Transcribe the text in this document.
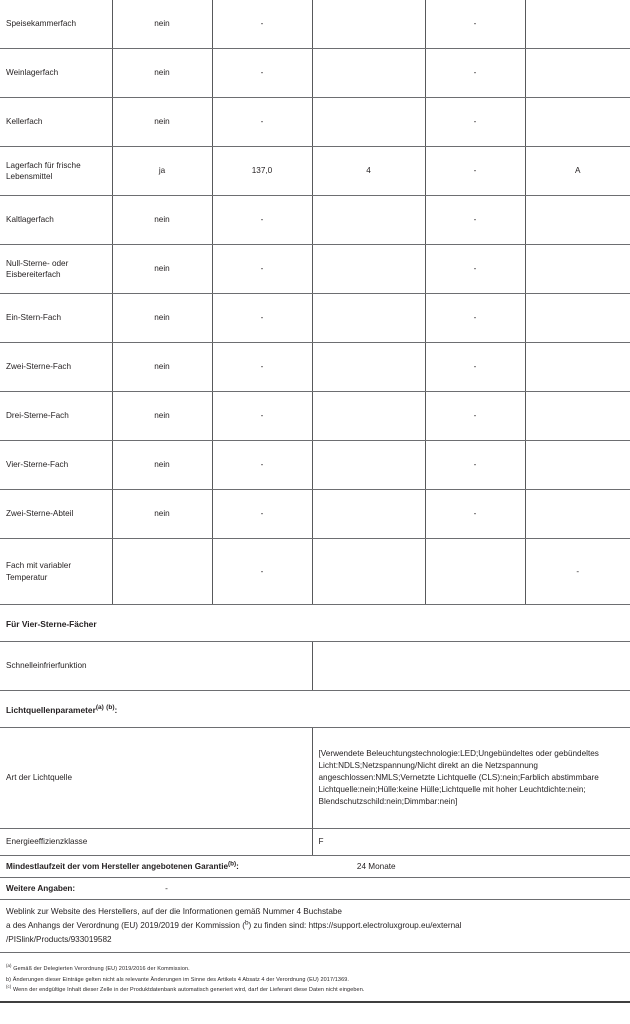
Speisekammerfach	nein	-		-	
Weinlagerfach	nein	-		-	
Kellerfach	nein	-		-	
Lagerfach für frische Lebensmittel	ja	137,0	4	-	A
Kaltlagerfach	nein	-		-	
Null-Sterne- oder Eisbereiterfach	nein	-		-	
Ein-Stern-Fach	nein	-		-	
Zwei-Sterne-Fach	nein	-		-	
Drei-Sterne-Fach	nein	-		-	
Vier-Sterne-Fach	nein	-		-	
Zwei-Sterne-Abteil	nein	-		-	
Fach mit variabler Temperatur		-			-
Für Vier-Sterne-Fächer
Schnelleinfrierfunktion	
Lichtquellenparameter$^{(a)}$ $^{(b)}$:
Art der Lichtquelle	[Verwendete Beleuchtungstechnologie:LED;Ungebündeltes oder gebündeltes Licht:NDLS;Netzspannung/Nicht direkt an die Netzspannung angeschlossen:NMLS;Vernetzte Lichtquelle (CLS):nein;Farblich abstimmbare Lichtquelle:nein;Hülle:keine Hülle;Lichtquelle mit hoher Leuchtdichte:nein; Blendschutzschild:nein;Dimmbar:nein]
Energieeffizienzklasse	F
Mindestlaufzeit der vom Hersteller angebotenen Garantie$^{(b)}$:	24 Monate
Weitere Angaben:	-
Weblink zur Website des Herstellers, auf der die Informationen gemäß Nummer 4 Buchstabe
a des Anhangs der Verordnung (EU) 2019/2019 der Kommission ($^b$) zu finden sind: https://support.electroluxgroup.eu/external
/PISlink/Products/933019582

$^{(a)}$ Gemäß der Delegierten Verordnung (EU) 2019/2016 der Kommission.

b) Änderungen dieser Einträge gelten nicht als relevante Änderungen im Sinne des Artikels 4 Absatz 4 der Verordnung (EU) 2017/1369.

$^{(c)}$ Wenn der endgültige Inhalt dieser Zelle in der Produktdatenbank automatisch generiert wird, darf der Lieferant diese Daten nicht eingeben.
